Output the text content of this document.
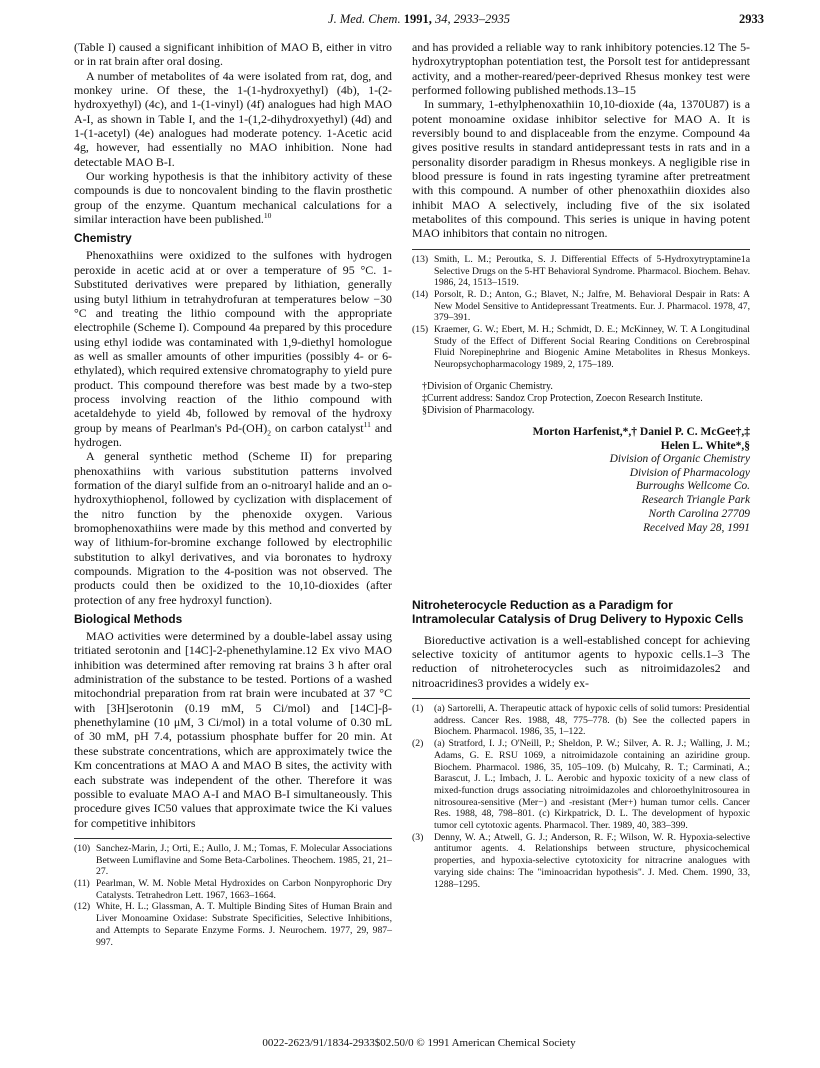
J. Med. Chem. 1991, 34, 2933–2935	2933

(Table I) caused a significant inhibition of MAO B, either in vitro or in rat brain after oral dosing.

A number of metabolites of 4a were isolated from rat, dog, and monkey urine. Of these, the 1-(1-hydroxyethyl) (4b), 1-(2-hydroxyethyl) (4c), and 1-(1-vinyl) (4f) analogues had high MAO A-I, as shown in Table I, and the 1-(1,2-dihydroxyethyl) (4d) and 1-(1-acetyl) (4e) analogues had moderate potency. 1-Acetic acid 4g, however, had essentially no MAO inhibition. None had detectable MAO B-I.

Our working hypothesis is that the inhibitory activity of these compounds is due to noncovalent binding to the flavin prosthetic group of the enzyme. Quantum mechanical calculations for a similar interaction have been published.$^{10}$

Chemistry

Phenoxathiins were oxidized to the sulfones with hydrogen peroxide in acetic acid at or over a temperature of 95 °C. 1-Substituted derivatives were prepared by lithiation, generally using butyl lithium in tetrahydrofuran at temperatures below −30 °C and treating the lithio compound with the appropriate electrophile (Scheme I). Compound 4a prepared by this procedure using ethyl iodide was contaminated with 1,9-diethyl homologue as well as smaller amounts of other impurities (possibly 4- or 6-ethylated), which required extensive chromatography to yield pure product. This compound therefore was best made by a two-step process involving reaction of the lithio compound with acetaldehyde to yield 4b, followed by removal of the hydroxy group by means of Pearlman's $Pd-(OH)_2$ on carbon catalyst$^{11}$ and hydrogen.

A general synthetic method (Scheme II) for preparing phenoxathiins with various substitution patterns involved formation of the diaryl sulfide from an o-nitroaryl halide and an o-hydroxythiophenol, followed by cyclization with displacement of the nitro function by the phenoxide oxygen. Various bromophenoxathiins were made by this method and converted by way of lithium-for-bromine exchange followed by electrophilic substitution to alkyl derivatives, and via boronates to hydroxy compounds. Migration to the 4-position was not observed. The products could then be oxidized to the 10,10-dioxides (after protection of any free hydroxyl function).

Biological Methods

MAO activities were determined by a double-label assay using tritiated serotonin and [14C]-2-phenethylamine.12 Ex vivo MAO inhibition was determined after removing rat brains 3 h after oral administration of the substance to be tested. Portions of a washed mitochondrial preparation from rat brain were incubated at 37 °C with [3H]serotonin (0.19 mM, 5 Ci/mol) and [14C]-β-phenethylamine (10 μM, 3 Ci/mol) in a total volume of 0.30 mL of 30 mM, pH 7.4, potassium phosphate buffer for 20 min. At these substrate concentrations, which are approximately twice the Km concentrations at MAO A and MAO B sites, the activity with each substrate was independent of the other. Therefore it was possible to evaluate MAO A-I and MAO B-I simultaneously. This procedure gives IC50 values that approximate twice the Ki values for competitive inhibitors

(10) Sanchez-Marin, J.; Orti, E.; Aullo, J. M.; Tomas, F. Molecular Associations Between Lumiflavine and Some Beta-Carbolines. Theochem. 1985, 21, 21–27.
(11) Pearlman, W. M. Noble Metal Hydroxides on Carbon Nonpyrophoric Dry Catalysts. Tetrahedron Lett. 1967, 1663–1664.
(12) White, H. L.; Glassman, A. T. Multiple Binding Sites of Human Brain and Liver Monoamine Oxidase: Substrate Specificities, Selective Inhibitions, and Attempts to Separate Enzyme Forms. J. Neurochem. 1977, 29, 987–997.

and has provided a reliable way to rank inhibitory potencies.12 The 5-hydroxytryptophan potentiation test, the Porsolt test for antidepressant activity, and a mother-reared/peer-deprived Rhesus monkey test were performed following published methods.13–15

In summary, 1-ethylphenoxathiin 10,10-dioxide (4a, 1370U87) is a potent monoamine oxidase inhibitor selective for MAO A. It is reversibly bound to and displaceable from the enzyme. Compound 4a gives positive results in standard antidepressant tests in rats and in a personality disorder paradigm in Rhesus monkeys. A negligible rise in blood pressure is found in rats ingesting tyramine after pretreatment with this compound. A number of other phenoxathiin dioxides also inhibit MAO A selectively, including five of the six isolated metabolites of this compound. This series is unique in having potent MAO inhibitors that contain no nitrogen.

(13) Smith, L. M.; Peroutka, S. J. Differential Effects of 5-Hydroxytryptamine1a Selective Drugs on the 5-HT Behavioral Syndrome. Pharmacol. Biochem. Behav. 1986, 24, 1513–1519.
(14) Porsolt, R. D.; Anton, G.; Blavet, N.; Jalfre, M. Behavioral Despair in Rats: A New Model Sensitive to Antidepressant Treatments. Eur. J. Pharmacol. 1978, 47, 379–391.
(15) Kraemer, G. W.; Ebert, M. H.; Schmidt, D. E.; McKinney, W. T. A Longitudinal Study of the Effect of Different Social Rearing Conditions on Cerebrospinal Fluid Norepinephrine and Biogenic Amine Metabolites in Rhesus Monkeys. Neuropsychopharmacology 1989, 2, 175–189.
†Division of Organic Chemistry.
‡Current address: Sandoz Crop Protection, Zoecon Research Institute.
§Division of Pharmacology.
Morton Harfenist,*,† Daniel P. C. McGee†,‡
Helen L. White*,§
Division of Organic Chemistry
Division of Pharmacology
Burroughs Wellcome Co.
Research Triangle Park
North Carolina 27709
Received May 28, 1991
Nitroheterocycle Reduction as a Paradigm for Intramolecular Catalysis of Drug Delivery to Hypoxic Cells

Bioreductive activation is a well-established concept for achieving selective toxicity of antitumor agents to hypoxic cells.1–3 The reduction of nitroheterocycles such as nitroimidazoles2 and nitroacridines3 provides a widely ex-

(1)	(a) Sartorelli, A. Therapeutic attack of hypoxic cells of solid tumors: Presidential address. Cancer Res. 1988, 48, 775–778. (b) See the collected papers in Biochem. Pharmacol. 1986, 35, 1–122.
(2)	(a) Stratford, I. J.; O'Neill, P.; Sheldon, P. W.; Silver, A. R. J.; Walling, J. M.; Adams, G. E. RSU 1069, a nitroimidazole containing an aziridine group. Biochem. Pharmacol. 1986, 35, 105–109. (b) Mulcahy, R. T.; Carminati, A.; Barascut, J. L.; Imbach, J. L. Aerobic and hypoxic toxicity of a new class of mixed-function drugs associating nitroimidazoles and chloroethylnitrosourea in nitrosourea-sensitive (Mer−) and -resistant (Mer+) human tumor cells. Cancer Res. 1988, 48, 798–801. (c) Kirkpatrick, D. L. The development of hypoxic tumor cell cytotoxic agents. Pharmacol. Ther. 1989, 40, 383–399.
(3)	Denny, W. A.; Atwell, G. J.; Anderson, R. F.; Wilson, W. R. Hypoxia-selective antitumor agents. 4. Relationships between structure, physicochemical properties, and hypoxia-selective cytotoxicity for nitracrine analogues with varying side chains: The "iminoacridan hypothesis". J. Med. Chem. 1990, 33, 1288–1295.
0022-2623/91/1834-2933$02.50/0 © 1991 American Chemical Society
